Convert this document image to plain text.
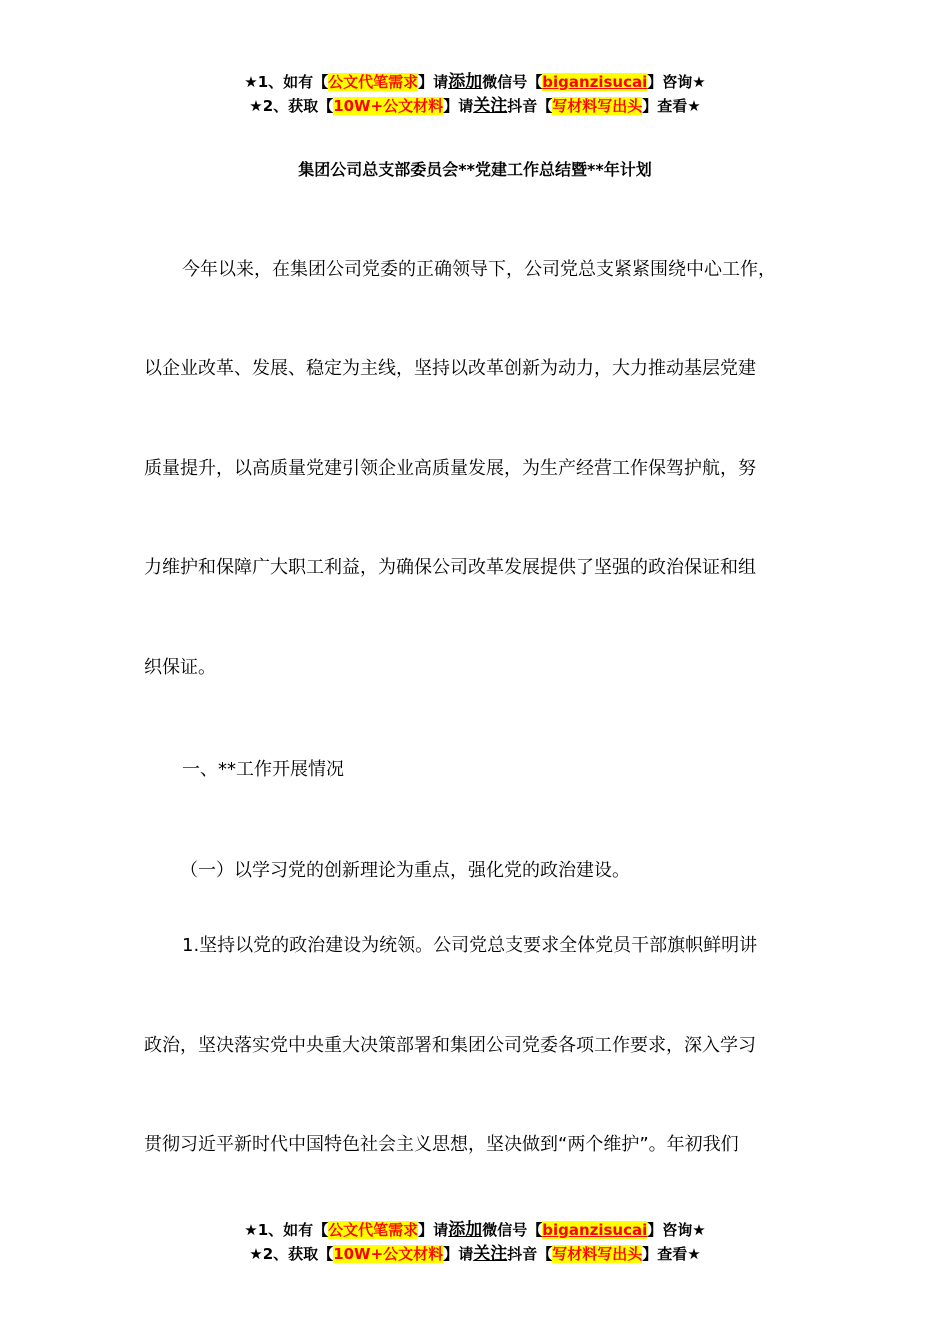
★1、如有【公文代笔需求】请添加微信号【biganzisucai】咨询★
★2、获取【10W+公文材料】请关注抖音【写材料写出头】查看★
集团公司总支部委员会**党建工作总结暨**年计划
今年以来，在集团公司党委的正确领导下，公司党总支紧紧围绕中心工作，
以企业改革、发展、稳定为主线，坚持以改革创新为动力，大力推动基层党建
质量提升，以高质量党建引领企业高质量发展，为生产经营工作保驾护航，努
力维护和保障广大职工利益，为确保公司改革发展提供了坚强的政治保证和组
织保证。
一、**工作开展情况
（一）以学习党的创新理论为重点，强化党的政治建设。
1.坚持以党的政治建设为统领。公司党总支要求全体党员干部旗帜鲜明讲
政治，坚决落实党中央重大决策部署和集团公司党委各项工作要求，深入学习
贯彻习近平新时代中国特色社会主义思想，坚决做到“两个维护”。年初我们
★1、如有【公文代笔需求】请添加微信号【biganzisucai】咨询★
★2、获取【10W+公文材料】请关注抖音【写材料写出头】查看★
